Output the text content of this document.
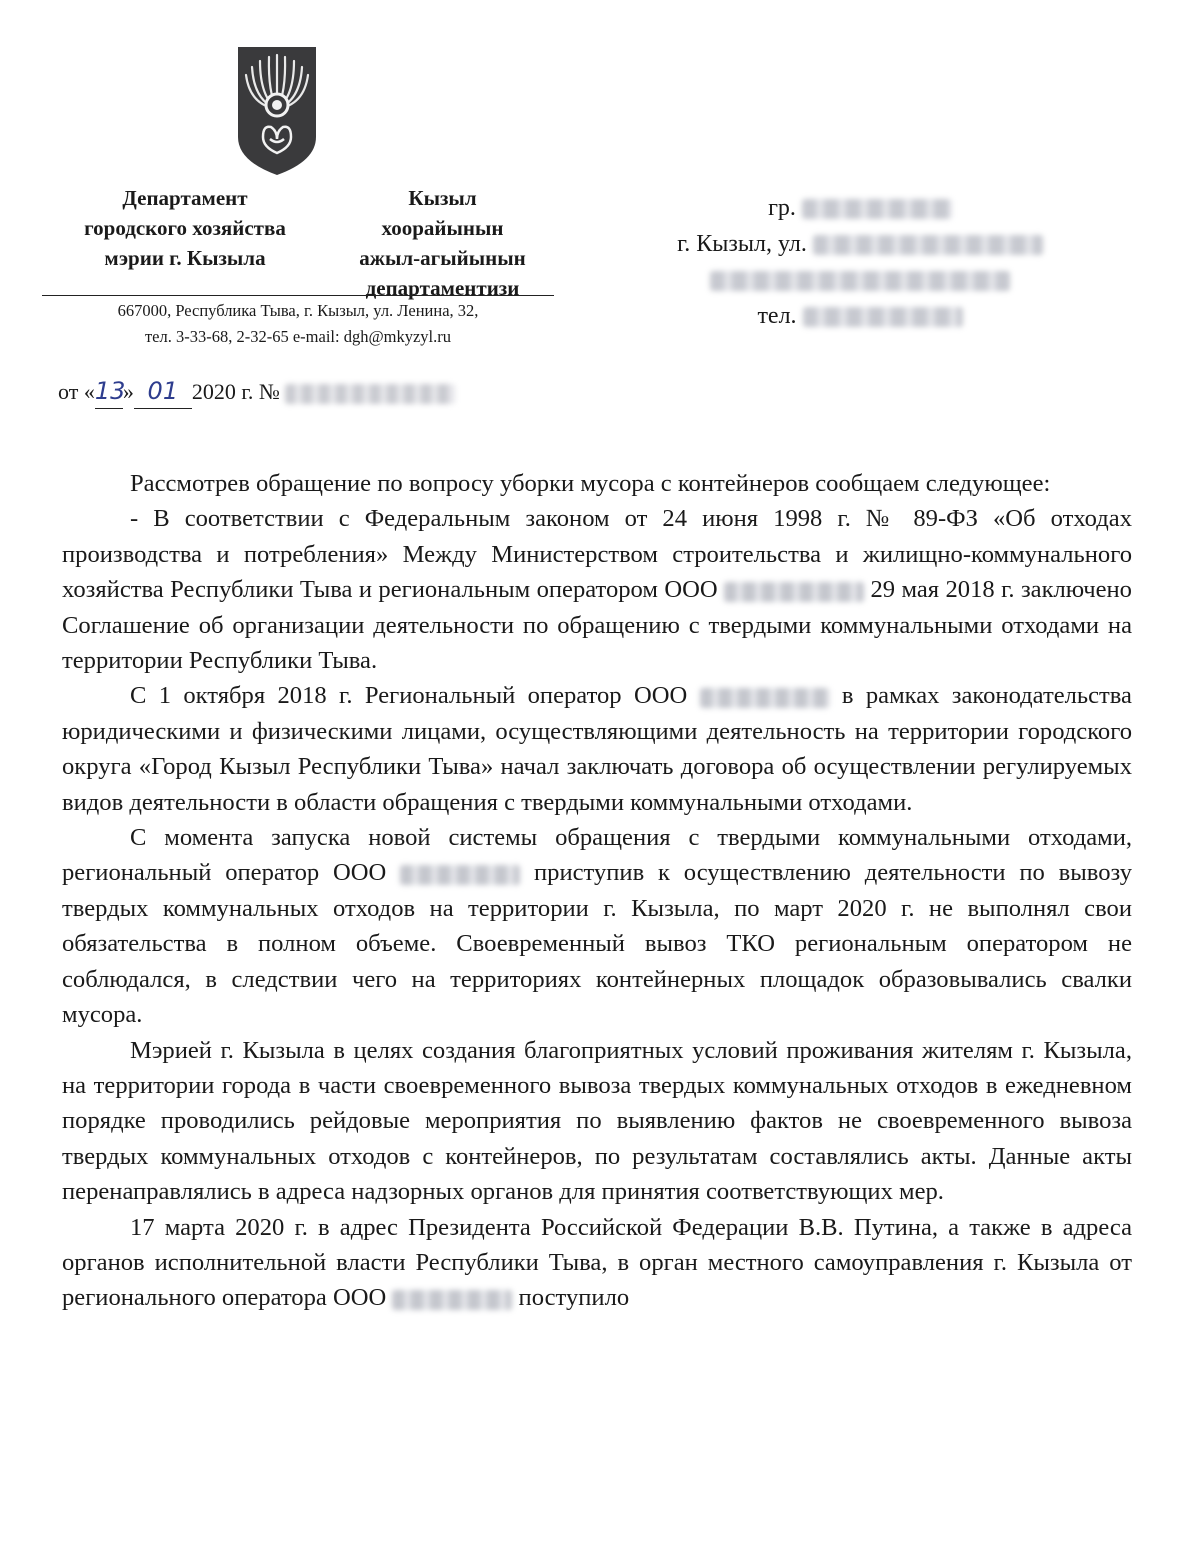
Департамент
городского хозяйства
мэрии г. Кызыла
Кызыл
хоорайынын
ажыл-агыйынын
департаментизи
667000, Республика Тыва, г. Кызыл, ул. Ленина, 32,
тел. 3-33-68, 2-32-65 e-mail: dgh@mkyzyl.ru
гр.
г. Кызыл, ул.
тел.
от «13» 01 2020 г. №

Рассмотрев обращение по вопросу уборки мусора с контейнеров сообщаем следующее:

- В соответствии с Федеральным законом от 24 июня 1998 г. № 89-ФЗ «Об отходах производства и потребления» Между Министерством строительства и жилищно-коммунального хозяйства Республики Тыва и региональным оператором ООО	29 мая 2018 г. заключено Соглашение об организации деятельности по обращению с твердыми коммунальными отходами на территории Республики Тыва.

С 1 октября 2018 г. Региональный оператор ООО	в рамках законодательства юридическими и физическими лицами, осуществляющими деятельность на территории городского округа «Город Кызыл Республики Тыва» начал заключать договора об осуществлении регулируемых видов деятельности в области обращения с твердыми коммунальными отходами.

С момента запуска новой системы обращения с твердыми коммунальными отходами, региональный оператор ООО	приступив к осуществлению деятельности по вывозу твердых коммунальных отходов на территории г. Кызыла, по март 2020 г. не выполнял свои обязательства в полном объеме. Своевременный вывоз ТКО региональным оператором не соблюдался, в следствии чего на территориях контейнерных площадок образовывались свалки мусора.

Мэрией г. Кызыла в целях создания благоприятных условий проживания жителям г. Кызыла, на территории города в части своевременного вывоза твердых коммунальных отходов в ежедневном порядке проводились рейдовые мероприятия по выявлению фактов не своевременного вывоза твердых коммунальных отходов с контейнеров, по результатам составлялись акты. Данные акты перенаправлялись в адреса надзорных органов для принятия соответствующих мер.

17 марта 2020 г. в адрес Президента Российской Федерации В.В. Путина, а также в адреса органов исполнительной власти Республики Тыва, в орган местного самоуправления г. Кызыла от регионального оператора ООО	поступило
